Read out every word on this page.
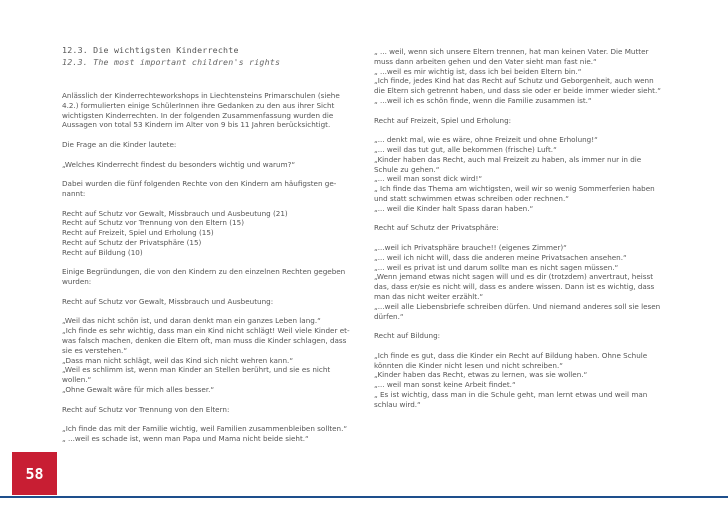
12.3. Die wichtigsten Kinderrechte

12.3. The most important children's rights

Anlässlich der Kinderrechteworkshops in Liechtensteins Primarschulen (siehe

4.2.) formulierten einige SchülerInnen ihre Gedanken zu den aus ihrer Sicht

wichtigsten Kinderrechten. In der folgenden Zusammenfassung wurden die

Aussagen von total 53 Kindern im Alter von 9 bis 11 Jahren berücksichtigt.

Die Frage an die Kinder lautete:

„Welches Kinderrecht findest du besonders wichtig und warum?“

Dabei wurden die fünf folgenden Rechte von den Kindern am häufigsten ge-

nannt:

Recht auf Schutz vor Gewalt, Missbrauch und Ausbeutung (21)

Recht auf Schutz vor Trennung von den Eltern (15)

Recht auf Freizeit, Spiel und Erholung (15)

Recht auf Schutz der Privatsphäre (15)

Recht auf Bildung (10)

Einige Begründungen, die von den Kindern zu den einzelnen Rechten gegeben

wurden:

Recht auf Schutz vor Gewalt, Missbrauch und Ausbeutung:

„Weil das nicht schön ist, und daran denkt man ein ganzes Leben lang.“

„Ich finde es sehr wichtig, dass man ein Kind nicht schlägt! Weil viele Kinder et-

was falsch machen, denken die Eltern oft, man muss die Kinder schlagen, dass

sie es verstehen.“

„Dass man nicht schlägt, weil das Kind sich nicht wehren kann.“

„Weil es schlimm ist, wenn man Kinder an Stellen berührt, und sie es nicht

wollen.“

„Ohne Gewalt wäre für mich alles besser.“

Recht auf Schutz vor Trennung von den Eltern:

„Ich finde das mit der Familie wichtig, weil Familien zusammenbleiben sollten.“

„ ...weil es schade ist, wenn man Papa und Mama nicht beide sieht.“

„ ... weil, wenn sich unsere Eltern trennen, hat man keinen Vater. Die Mutter

muss dann arbeiten gehen und den Vater sieht man fast nie.“

„ ...weil es mir wichtig ist, dass ich bei beiden Eltern bin.“

„Ich finde, jedes Kind hat das Recht auf Schutz und Geborgenheit, auch wenn

die Eltern sich getrennt haben, und dass sie oder er beide immer wieder sieht.“

„ ...weil ich es schön finde, wenn die Familie zusammen ist.“

Recht auf Freizeit, Spiel und Erholung:

„... denkt mal, wie es wäre, ohne Freizeit und ohne Erholung!“

„... weil das tut gut, alle bekommen (frische) Luft.“

„Kinder haben das Recht, auch mal Freizeit zu haben, als immer nur in die

Schule zu gehen.“

„... weil man sonst dick wird!“

„ Ich finde das Thema am wichtigsten, weil wir so wenig Sommerferien haben

und statt schwimmen etwas schreiben oder rechnen.“

„... weil die Kinder halt Spass daran haben.“

Recht auf Schutz der Privatsphäre:

„...weil ich Privatsphäre brauche!! (eigenes Zimmer)“

„... weil ich nicht will, dass die anderen meine Privatsachen ansehen.“

„... weil es privat ist und darum sollte man es nicht sagen müssen.“

„Wenn jemand etwas nicht sagen will und es dir (trotzdem) anvertraut, heisst

das, dass er/sie es nicht will, dass es andere wissen. Dann ist es wichtig, dass

man das nicht weiter erzählt.“

„...weil alle Liebensbriefe schreiben dürfen. Und niemand anderes soll sie lesen

dürfen.“

Recht auf Bildung:

„Ich finde es gut, dass die Kinder ein Recht auf Bildung haben. Ohne Schule

könnten die Kinder nicht lesen und nicht schreiben.“

„Kinder haben das Recht, etwas zu lernen, was sie wollen.“

„... weil man sonst keine Arbeit findet.“

„ Es ist wichtig, dass man in die Schule geht, man lernt etwas und weil man

schlau wird.“

58
